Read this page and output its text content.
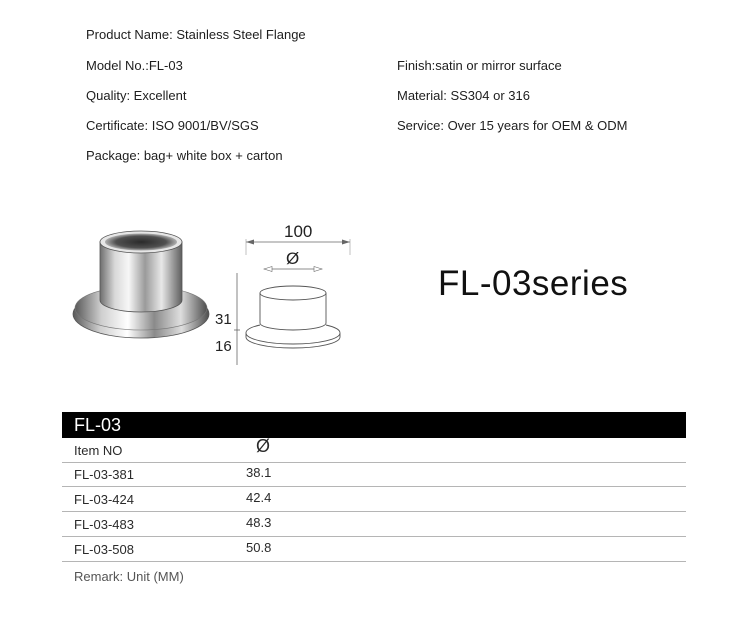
Product Name: Stainless Steel Flange
Model No.:FL-03	Finish:satin or mirror surface
Quality: Excellent	Material: SS304 or 316
Certificate: ISO 9001/BV/SGS	Service: Over 15 years for OEM & ODM
Package: bag+ white box + carton
100
Ø
31
16
FL-03series
FL-03
Item NO	Ø
FL-03-381	38.1
FL-03-424	42.4
FL-03-483	48.3
FL-03-508	50.8
Remark: Unit (MM)
